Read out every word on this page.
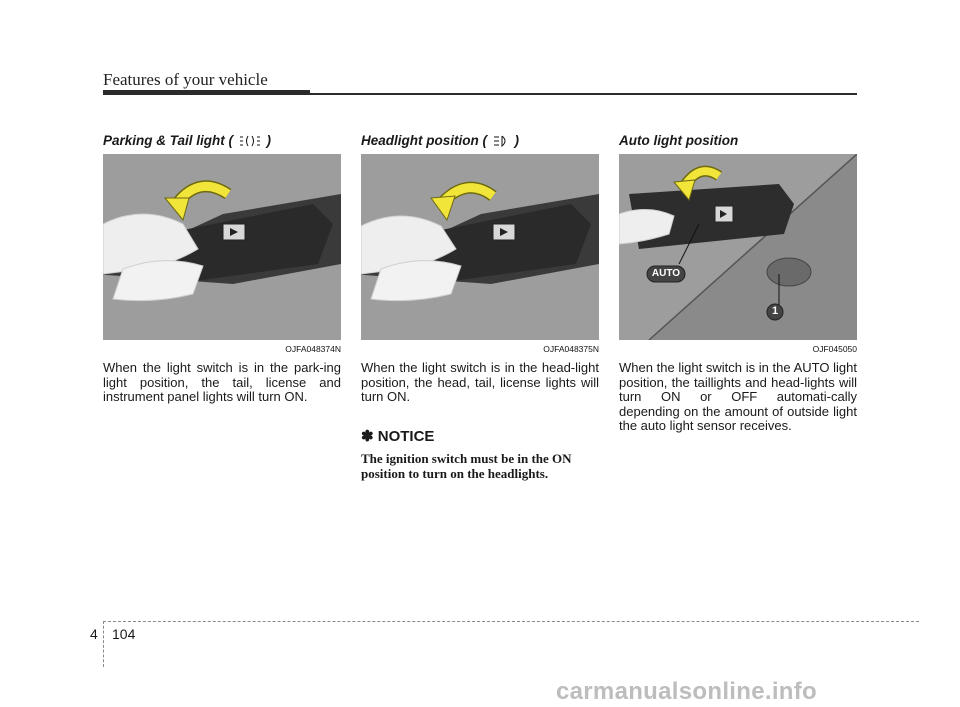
Features of your vehicle
Parking & Tail light ( )
OJFA048374N
When the light switch is in the park-ing light position, the tail, license and instrument panel lights will turn ON.
Headlight position ( )
OJFA048375N
When the light switch is in the head-light position, the head, tail, license lights will turn ON.
✽ NOTICE
The ignition switch must be in the ON position to turn on the headlights.
Auto light position
AUTO
1
OJF045050
When the light switch is in the AUTO light position, the taillights and head-lights will turn ON or OFF automati-cally depending on the amount of outside light the auto light sensor receives.
4 104
carmanualsonline.info
